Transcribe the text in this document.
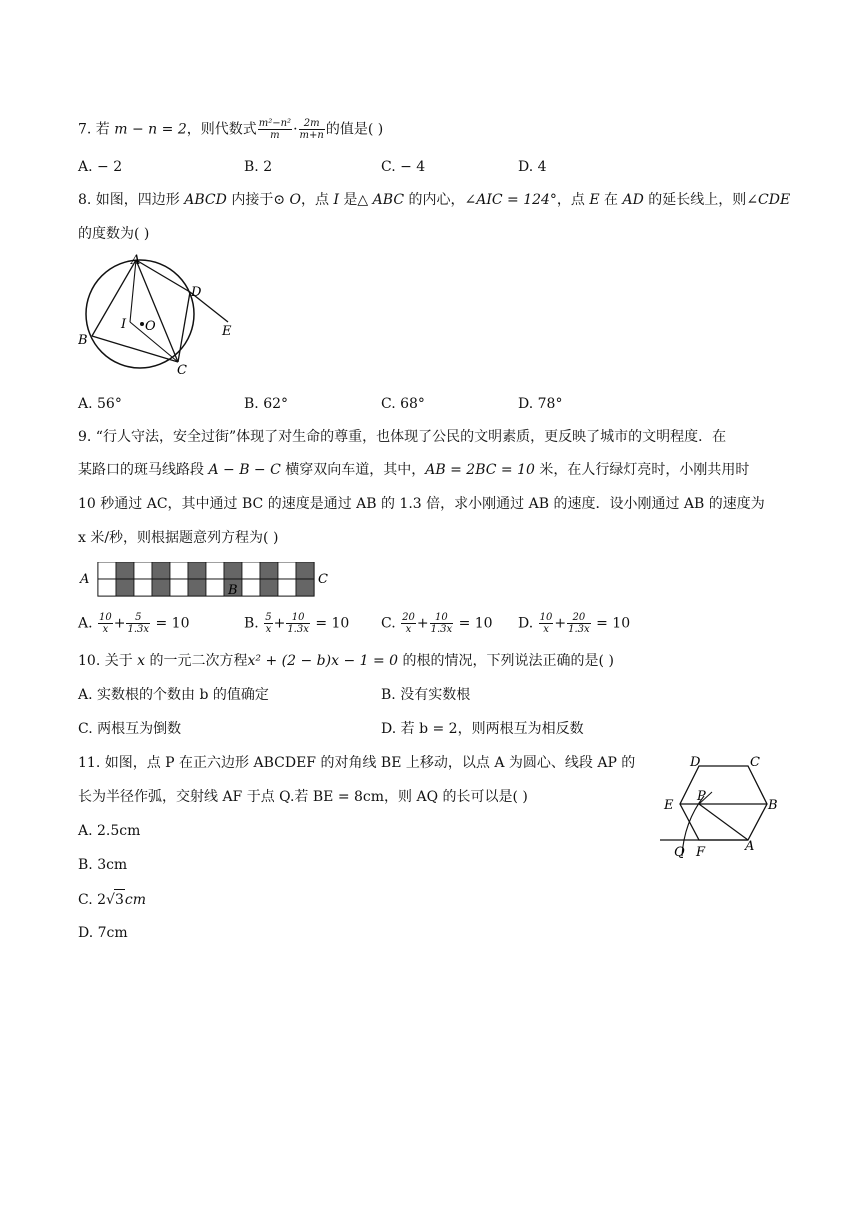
7. 若 m − n = 2，则代数式 $\frac{\text{m²−n²}}{m} \cdot \frac{2m}{m+n}$ 的值是( )
A. − 2	B. 2	C. − 4	D. 4
8. 如图，四边形 ABCD 内接于⊙ O，点 I 是△ ABC 的内心，∠AIC = 124°，点 E 在 AD 的延长线上，则∠CDE
的度数为( )
A
B
C
D
E
I O
A. 56°	B. 62°	C. 68°	D. 78°
9. “行人守法，安全过街”体现了对生命的尊重，也体现了公民的文明素质，更反映了城市的文明程度．在
某路口的斑马线路段 A − B − C 横穿双向车道，其中，AB = 2BC = 10 米，在人行绿灯亮时，小刚共用时
10 秒通过 AC，其中通过 BC 的速度是通过 AB 的 1.3 倍，求小刚通过 AB 的速度．设小刚通过 AB 的速度为
x 米/秒，则根据题意列方程为( )
A
B
C
A. $\frac{10}{x} + \frac{5}{1.3x} = 10$	B. $\frac{5}{x} + \frac{10}{1.3x} = 10$ C. $\frac{20}{x} + \frac{10}{1.3x} = 10$ D. $\frac{10}{x} + \frac{20}{1.3x} = 10$
10. 关于 x 的一元二次方程x² + (2 − b)x − 1 = 0 的根的情况，下列说法正确的是( )
A. 实数根的个数由 b 的值确定	B. 没有实数根
C. 两根互为倒数	D. 若 b = 2，则两根互为相反数
11. 如图，点 P 在正六边形 ABCDEF 的对角线 BE 上移动，以点 A 为圆心、线段 AP 的
长为半径作弧，交射线 AF 于点 Q.若 BE = 8cm，则 AQ 的长可以是( )
A. 2.5cm
B. 3cm
C. 2√3cm
D. 7cm
D	C
E
P
B
Q F	A
